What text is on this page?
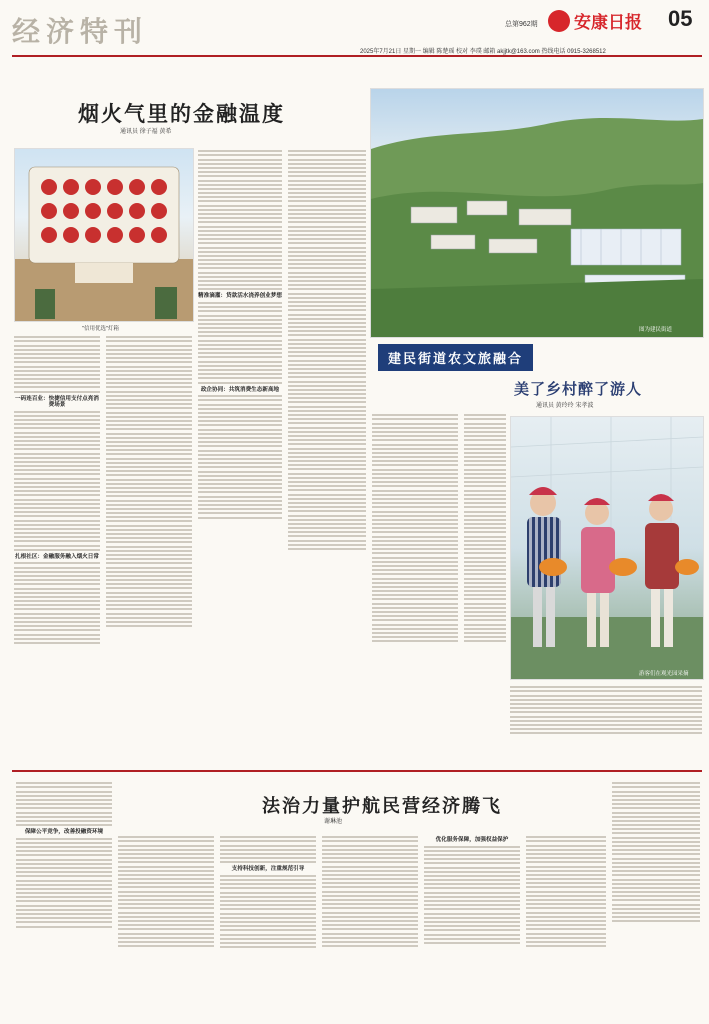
经济特刊	总第962期	安康日报 05
2025年7月21日 星期一 编辑 陈楚瑶 校对 李璞 邮箱 akjjtk@163.com 热线电话 0915-3268512
烟火气里的金融温度
通讯员 徐子福 黄希
"信用优选"灯箱
一码连百业：快捷信用支付点亮消费场景
扎根社区：金融服务融入烟火日常
精准滴灌：贷款活水浇养创业梦想
政企协同：共筑消费生态新高地
图为建民街道
建民街道农文旅融合
美了乡村醉了游人
通讯员 黄玲玲 宋孝波
游客们在观光园采摘
法治力量护航民营经济腾飞
谢琳池
保障公平竞争，改善投融资环境
支持科技创新，注重规范引导
优化服务保障，加强权益保护
